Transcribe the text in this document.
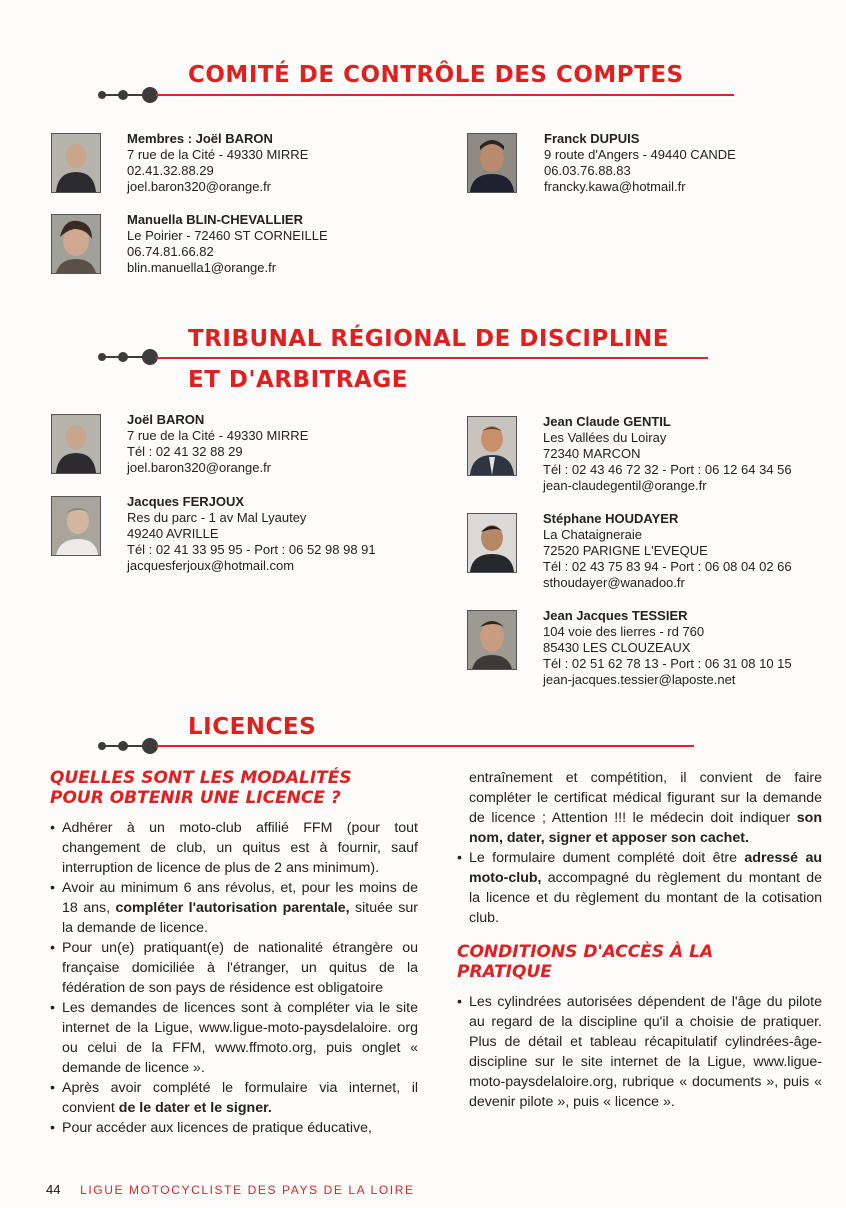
COMITÉ DE CONTRÔLE DES COMPTES
Membres : Joël BARON
7 rue de la Cité - 49330 MIRRE
02.41.32.88.29
joel.baron320@orange.fr
Franck DUPUIS
9 route d'Angers - 49440 CANDE
06.03.76.88.83
francky.kawa@hotmail.fr
Manuella BLIN-CHEVALLIER
Le Poirier - 72460 ST CORNEILLE
06.74.81.66.82
blin.manuella1@orange.fr
TRIBUNAL RÉGIONAL DE DISCIPLINE
ET D'ARBITRAGE
Joël BARON
7 rue de la Cité - 49330 MIRRE
Tél : 02 41 32 88 29
joel.baron320@orange.fr
Jacques FERJOUX
Res du parc - 1 av Mal Lyautey
49240 AVRILLE
Tél : 02 41 33 95 95 - Port : 06 52 98 98 91
jacquesferjoux@hotmail.com
Jean Claude GENTIL
Les Vallées du Loiray
72340 MARCON
Tél : 02 43 46 72 32 - Port : 06 12 64 34 56
jean-claudegentil@orange.fr
Stéphane HOUDAYER
La Chataigneraie
72520 PARIGNE L'EVEQUE
Tél : 02 43 75 83 94 - Port : 06 08 04 02 66
sthoudayer@wanadoo.fr
Jean Jacques TESSIER
104 voie des lierres - rd 760
85430 LES CLOUZEAUX
Tél : 02 51 62 78 13 - Port : 06 31 08 10 15
jean-jacques.tessier@laposte.net
LICENCES
QUELLES SONT LES MODALITÉS POUR OBTENIR UNE LICENCE ?
• Adhérer à un moto-club affilié FFM (pour tout changement de club, un quitus est à fournir, sauf interruption de licence de plus de 2 ans minimum).
• Avoir au minimum 6 ans révolus, et, pour les moins de 18 ans, compléter l'autorisation parentale, située sur la demande de licence.
• Pour un(e) pratiquant(e) de nationalité étrangère ou française domiciliée à l'étranger, un quitus de la fédération de son pays de résidence est obligatoire
• Les demandes de licences sont à compléter via le site internet de la Ligue, www.ligue-moto-paysdelaloire. org ou celui de la FFM, www.ffmoto.org, puis onglet « demande de licence ».
• Après avoir complété le formulaire via internet, il convient de le dater et le signer.
• Pour accéder aux licences de pratique éducative,

entraînement et compétition, il convient de faire compléter le certificat médical figurant sur la demande de licence ; Attention !!! le médecin doit indiquer son nom, dater, signer et apposer son cachet.

• Le formulaire dument complété doit être adressé au moto-club, accompagné du règlement du montant de la licence et du règlement du montant de la cotisation club.
CONDITIONS D'ACCÈS À LA PRATIQUE
• Les cylindrées autorisées dépendent de l'âge du pilote au regard de la discipline qu'il a choisie de pratiquer. Plus de détail et tableau récapitulatif cylindrées-âge-discipline sur le site internet de la Ligue, www.ligue-moto-paysdelaloire.org, rubrique « documents », puis « devenir pilote », puis « licence ».
44 LIGUE MOTOCYCLISTE DES PAYS DE LA LOIRE
